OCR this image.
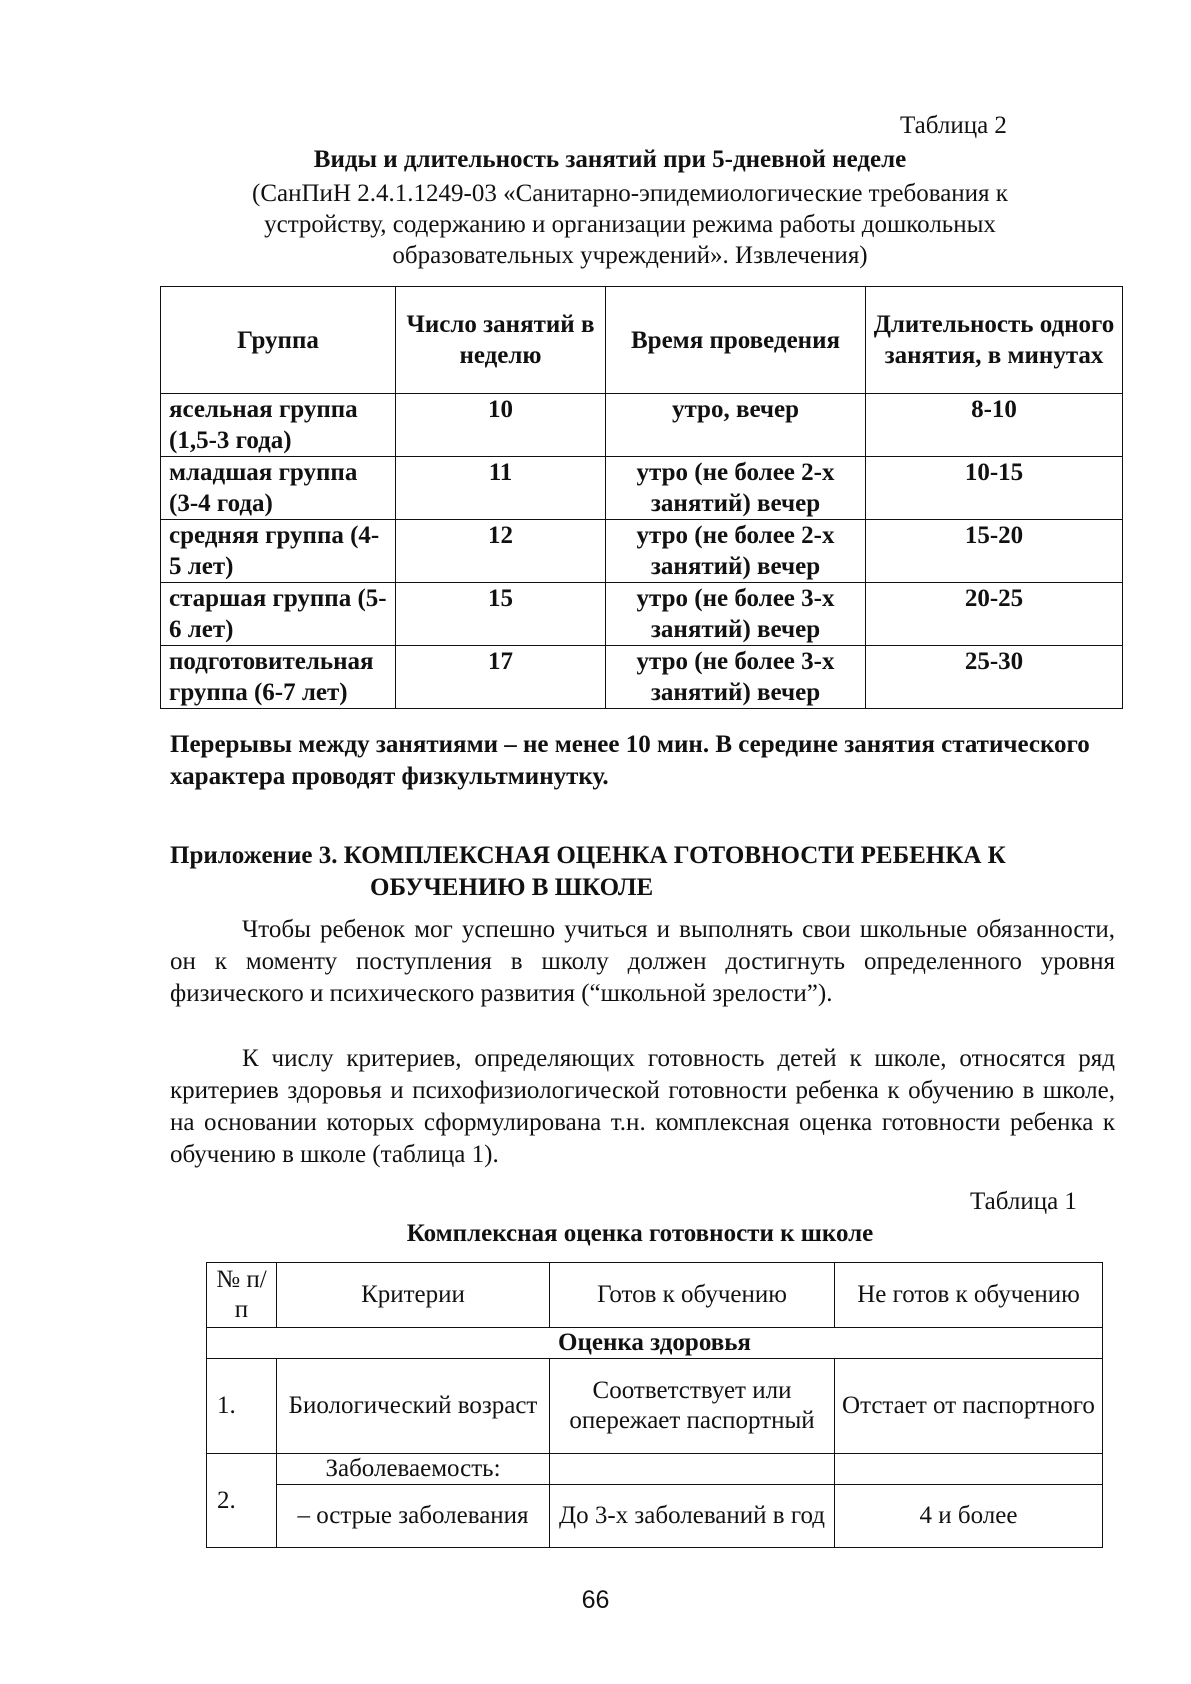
Таблица 2
Виды и длительность занятий при 5-дневной неделе
(СанПиН 2.4.1.1249-03 «Санитарно-эпидемиологические требования к устройству, содержанию и организации режима работы дошкольных образовательных учреждений». Извлечения)
Группа	Число занятий в неделю	Время проведения	Длительность одного занятия, в минутах
ясельная группа (1,5-3 года)	10	утро, вечер	8-10
младшая группа (3-4 года)	11	утро (не более 2-х занятий) вечер	10-15
средняя группа (4-5 лет)	12	утро (не более 2-х занятий) вечер	15-20
старшая группа (5-6 лет)	15	утро (не более 3-х занятий) вечер	20-25
подготовительная группа (6-7 лет)	17	утро (не более 3-х занятий) вечер	25-30
Перерывы между занятиями – не менее 10 мин. В середине занятия статического характера проводят физкультминутку.
Приложение 3. КОМПЛЕКСНАЯ ОЦЕНКА ГОТОВНОСТИ РЕБЕНКА К
ОБУЧЕНИЮ В ШКОЛЕ
Чтобы ребенок мог успешно учиться и выполнять свои школьные обязанности, он к моменту поступления в школу должен достигнуть определенного уровня физического и психического развития (“школьной зрелости”).
К числу критериев, определяющих готовность детей к школе, относятся ряд критериев здоровья и психофизиологической готовности ребенка к обучению в школе, на основании которых сформулирована т.н. комплексная оценка готовности ребенка к обучению в школе (таблица 1).
Таблица 1
Комплексная оценка готовности к школе
№ п/п	Критерии	Готов к обучению	Не готов к обучению
Оценка здоровья			
1.	Биологический возраст	Соответствует или опережает паспортный	Отстает от паспортного
2.	Заболеваемость:		
	– острые заболевания	До 3-х заболеваний в год	4 и более
66
